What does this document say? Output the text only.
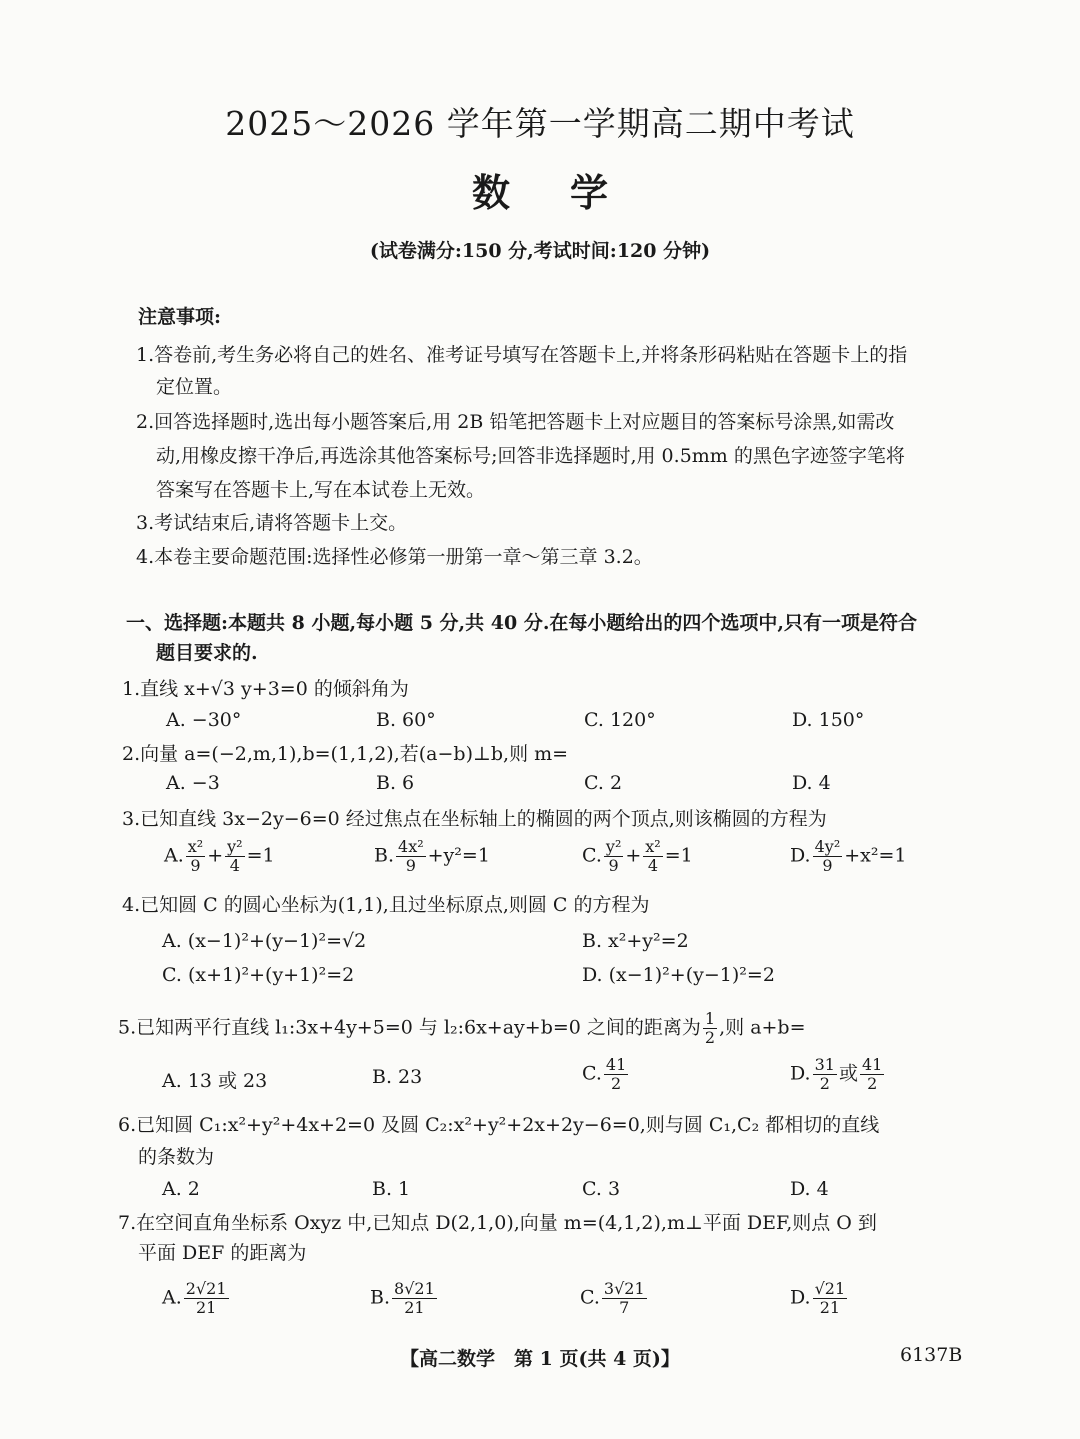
2025～2026 学年第一学期高二期中考试
数学
(试卷满分:150 分,考试时间:120 分钟)
注意事项:
1.答卷前,考生务必将自己的姓名、准考证号填写在答题卡上,并将条形码粘贴在答题卡上的指
定位置。
2.回答选择题时,选出每小题答案后,用 2B 铅笔把答题卡上对应题目的答案标号涂黑,如需改
动,用橡皮擦干净后,再选涂其他答案标号;回答非选择题时,用 0.5mm 的黑色字迹签字笔将
答案写在答题卡上,写在本试卷上无效。
3.考试结束后,请将答题卡上交。
4.本卷主要命题范围:选择性必修第一册第一章～第三章 3.2。
一、选择题:本题共 8 小题,每小题 5 分,共 40 分.在每小题给出的四个选项中,只有一项是符合
题目要求的.
1.直线 x+√3 y+3=0 的倾斜角为
A. −30°	B. 60°	C. 120°	D. 150°
2.向量 a=(−2,m,1),b=(1,1,2),若(a−b)⊥b,则 m=
A. −3	B. 6	C. 2	D. 4
3.已知直线 3x−2y−6=0 经过焦点在坐标轴上的椭圆的两个顶点,则该椭圆的方程为
A. $\frac{\text{x²}}{9} + \frac{\text{y²}}{4} =1$	B. $\frac{\text{4x²}}{9} +y^2=1$	C. $\frac{\text{y²}}{9} + \frac{\text{x²}}{4} =1$	D. $\frac{\text{4y²}}{9} +x^2=1$
4.已知圆 C 的圆心坐标为(1,1),且过坐标原点,则圆 C 的方程为
A. (x−1)²+(y−1)²=√2	B. x²+y²=2
C. (x+1)²+(y+1)²=2	D. (x−1)²+(y−1)²=2
5.已知两平行直线 l₁:3x+4y+5=0 与 l₂:6x+ay+b=0 之间的距离为 $\frac{1}{2}$ ,则 a+b=
A. 13 或 23	B. 23	C. $\frac{41}{2}$	D. $\frac{31}{2}$ 或 $\frac{41}{2}$
6.已知圆 C₁:x²+y²+4x+2=0 及圆 C₂:x²+y²+2x+2y−6=0,则与圆 C₁,C₂ 都相切的直线
的条数为
A. 2	B. 1	C. 3	D. 4
7.在空间直角坐标系 Oxyz 中,已知点 D(2,1,0),向量 m=(4,1,2),m⊥平面 DEF,则点 O 到
平面 DEF 的距离为
A. $\frac{2√21}{21}$	B. $\frac{8√21}{21}$	C. $\frac{3√21}{7}$	D. $\frac{√21}{21}$
【高二数学　第 1 页(共 4 页)】	6137B
